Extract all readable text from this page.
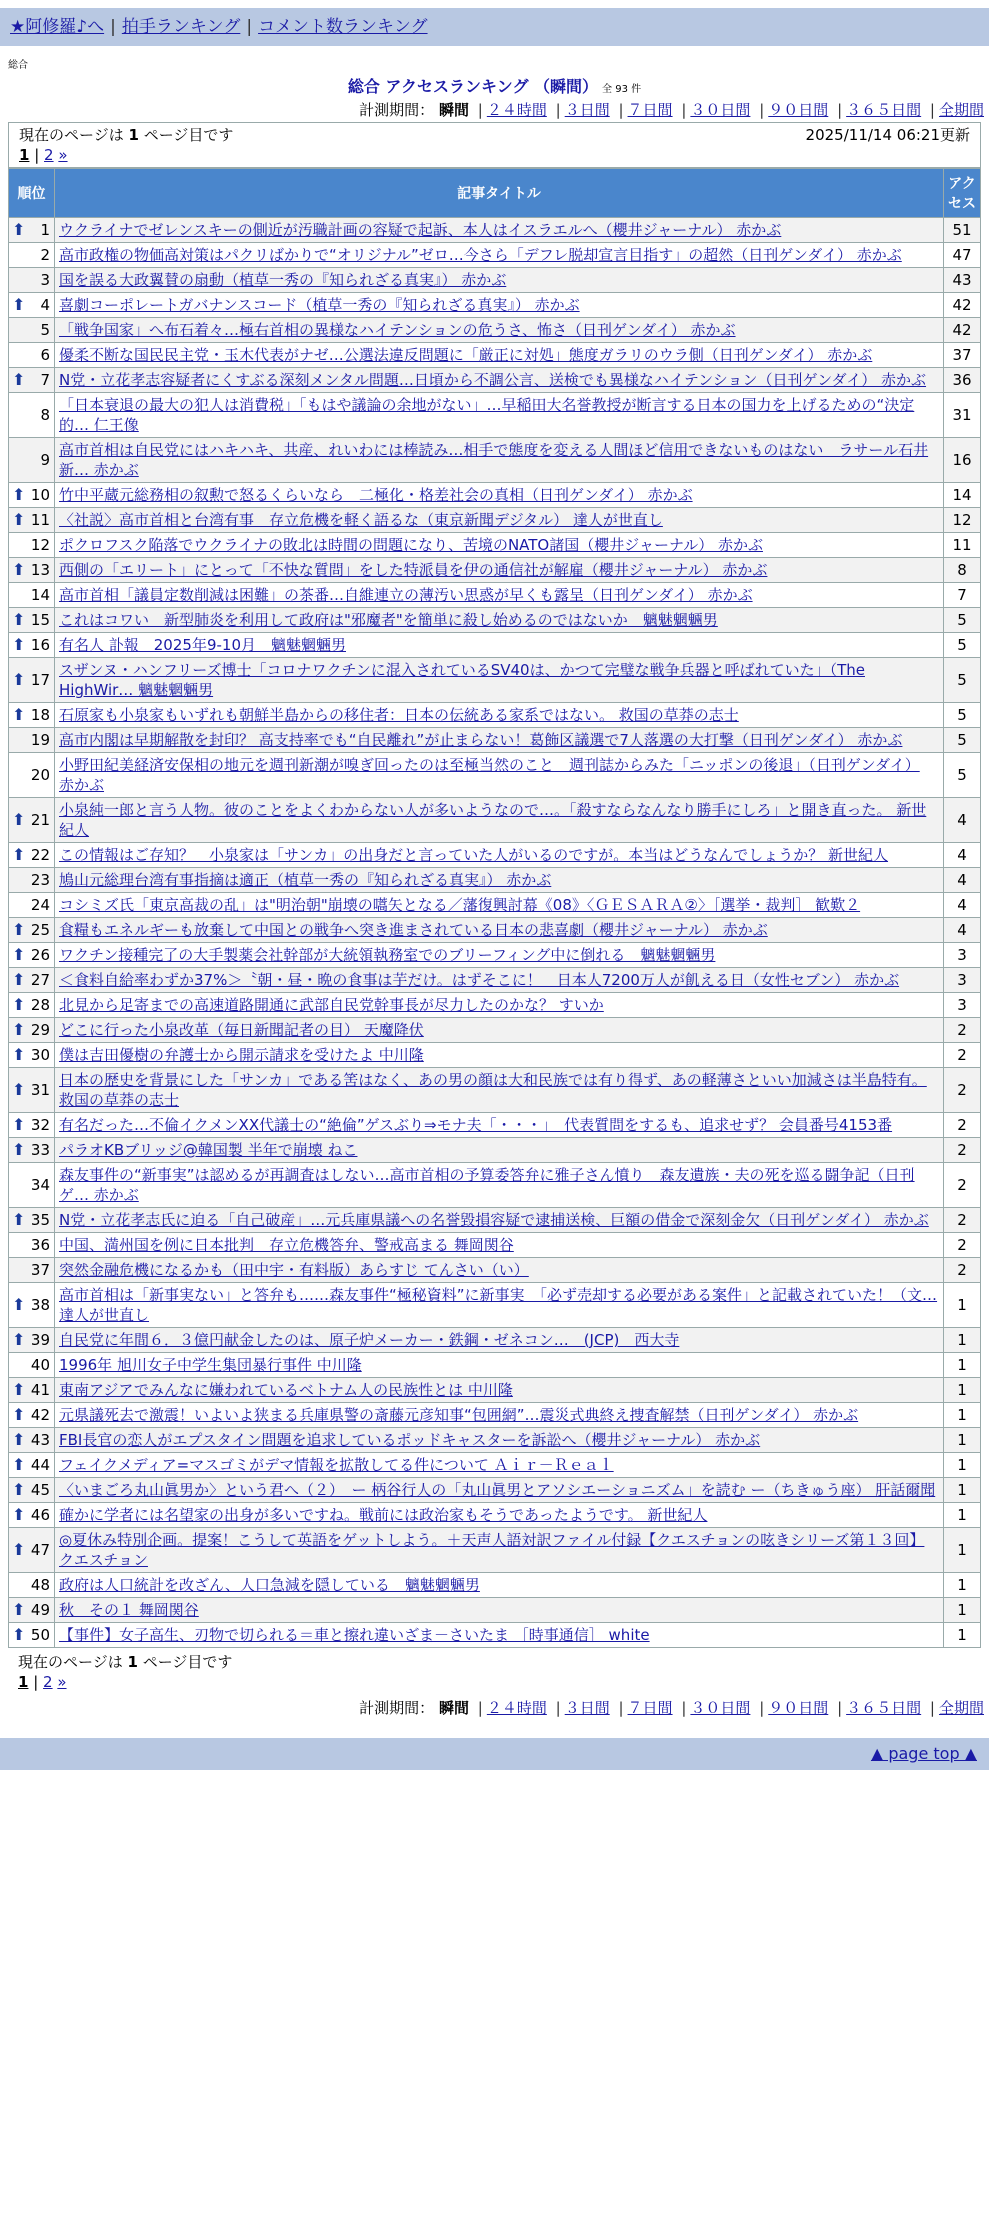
★阿修羅♪へ | 拍手ランキング | コメント数ランキング
総合
総合 アクセスランキング （瞬間） 全 93 件
計測期間： 瞬間 | ２４時間 | ３日間 | ７日間 | ３０日間 | ９０日間 | ３６５日間 | 全期間
現在のページは 1 ページ目です	2025/11/14 06:21更新
1 | 2 »
順位	記事タイトル	アクセス

⬆ 1	ウクライナでゼレンスキーの側近が汚職計画の容疑で起訴、本人はイスラエルへ（櫻井ジャーナル） 赤かぶ	51
2	高市政権の物価高対策はパクリばかりで“オリジナル”ゼロ…今さら「デフレ脱却宣言目指す」の超然（日刊ゲンダイ） 赤かぶ	47
3	国を誤る大政翼賛の扇動（植草一秀の『知られざる真実』） 赤かぶ	43

⬆ 4	喜劇コーポレートガバナンスコード（植草一秀の『知られざる真実』） 赤かぶ	42
5	「戦争国家」へ布石着々…極右首相の異様なハイテンションの危うさ、怖さ（日刊ゲンダイ） 赤かぶ	42
6	優柔不断な国民民主党・玉木代表がナゼ…公選法違反問題に「厳正に対処」態度ガラリのウラ側（日刊ゲンダイ） 赤かぶ	37

⬆ 7	N党・立花孝志容疑者にくすぶる深刻メンタル問題…日頃から不調公言、送検でも異様なハイテンション（日刊ゲンダイ） 赤かぶ	36
8	「日本衰退の最大の犯人は消費税」「もはや議論の余地がない」…早稲田大名誉教授が断言する日本の国力を上げるための“決定的… 仁王像	31
9	高市首相は自民党にはハキハキ、共産、れいわには棒読み…相手で態度を変える人間ほど信用できないものはない　ラサール石井 新… 赤かぶ	16

⬆ 10	竹中平蔵元総務相の叙勲で怒るくらいなら　二極化・格差社会の真相（日刊ゲンダイ） 赤かぶ	14

⬆ 11	〈社説〉高市首相と台湾有事　存立危機を軽く語るな（東京新聞デジタル） 達人が世直し	12
12	ポクロフスク陥落でウクライナの敗北は時間の問題になり、苦境のNATO諸国（櫻井ジャーナル） 赤かぶ	11

⬆ 13	西側の「エリート」にとって「不快な質問」をした特派員を伊の通信社が解雇（櫻井ジャーナル） 赤かぶ	8
14	高市首相「議員定数削減は困難」の茶番…自維連立の薄汚い思惑が早くも露呈（日刊ゲンダイ） 赤かぶ	7

⬆ 15	これはコワい　新型肺炎を利用して政府は"邪魔者"を簡単に殺し始めるのではないか　魑魅魍魎男	5

⬆ 16	有名人 訃報　2025年9-10月　魑魅魍魎男	5

⬆ 17	スザンヌ・ハンフリーズ博士「コロナワクチンに混入されているSV40は、かつて完璧な戦争兵器と呼ばれていた」（The HighWir… 魑魅魍魎男	5

⬆ 18	石原家も小泉家もいずれも朝鮮半島からの移住者：日本の伝統ある家系ではない。 救国の草莽の志士	5
19	高市内閣は早期解散を封印？ 高支持率でも“自民離れ”が止まらない！葛飾区議選で7人落選の大打撃（日刊ゲンダイ） 赤かぶ	5
20	小野田紀美経済安保相の地元を週刊新潮が嗅ぎ回ったのは至極当然のこと　週刊誌からみた「ニッポンの後退」（日刊ゲンダイ） 赤かぶ	5

⬆ 21	小泉純一郎と言う人物。彼のことをよくわからない人が多いようなので…。「殺すならなんなり勝手にしろ」と開き直った。 新世紀人	4

⬆ 22	この情報はご存知？　小泉家は「サンカ」の出身だと言っていた人がいるのですが。本当はどうなんでしょうか？ 新世紀人	4
23	鳩山元総理台湾有事指摘は適正（植草一秀の『知られざる真実』） 赤かぶ	4
24	コシミズ氏「東京高裁の乱」は"明治朝"崩壊の嚆矢となる／藩復興討幕《08》〈ＧＥＳＡＲＡ②〉［選挙・裁判］ 歓歎２	4

⬆ 25	食糧もエネルギーも放棄して中国との戦争へ突き進まされている日本の悲喜劇（櫻井ジャーナル） 赤かぶ	4

⬆ 26	ワクチン接種完了の大手製薬会社幹部が大統領執務室でのブリーフィング中に倒れる　魑魅魍魎男	3

⬆ 27	＜食料自給率わずか37%＞〝朝・昼・晩の食事は芋だけ。はずそこに！　日本人7200万人が飢える日（女性セブン） 赤かぶ	3

⬆ 28	北見から足寄までの高速道路開通に武部自民党幹事長が尽力したのかな？ すいか	3

⬆ 29	どこに行った小泉改革（毎日新聞記者の目） 天魔降伏	2

⬆ 30	僕は吉田優樹の弁護士から開示請求を受けたよ 中川隆	2

⬆ 31	日本の歴史を背景にした「サンカ」である筈はなく、あの男の顔は大和民族では有り得ず、あの軽薄さといい加減さは半島特有。 救国の草莽の志士	2

⬆ 32	有名だった…不倫イクメンXX代議士の“絶倫”ゲスぶり⇒モナ夫「・・・」　代表質問をするも、追求せず？ 会員番号4153番	2

⬆ 33	パラオKBブリッジ@韓国製 半年で崩壊 ねこ	2
34	森友事件の“新事実”は認めるが再調査はしない…高市首相の予算委答弁に雅子さん憤り　森友遺族・夫の死を巡る闘争記（日刊ゲ… 赤かぶ	2

⬆ 35	N党・立花孝志氏に迫る「自己破産」…元兵庫県議への名誉毀損容疑で逮捕送検、巨額の借金で深刻金欠（日刊ゲンダイ） 赤かぶ	2
36	中国、満州国を例に日本批判　存立危機答弁、警戒高まる 舞岡関谷	2
37	突然金融危機になるかも（田中宇・有料版）あらすじ てんさい（い）	2

⬆ 38	高市首相は「新事実ない」と答弁も……森友事件“極秘資料”に新事実　「必ず売却する必要がある案件」と記載されていた！（文… 達人が世直し	1

⬆ 39	自民党に年間６．３億円献金したのは、原子炉メーカー・鉄鋼・ゼネコン…　(JCP)　西大寺	1
40	1996年 旭川女子中学生集団暴行事件 中川隆	1

⬆ 41	東南アジアでみんなに嫌われているベトナム人の民族性とは 中川隆	1

⬆ 42	元県議死去で激震！いよいよ狭まる兵庫県警の斎藤元彦知事“包囲網”…震災式典終え捜査解禁（日刊ゲンダイ） 赤かぶ	1

⬆ 43	FBI長官の恋人がエプスタイン問題を追求しているポッドキャスターを訴訟へ（櫻井ジャーナル） 赤かぶ	1

⬆ 44	フェイクメディア=マスゴミがデマ情報を拡散してる件について Ａｉｒ－Ｒｅａｌ	1

⬆ 45	〈いまごろ丸山眞男か〉という君へ（２）　ー 柄谷行人の「丸山眞男とアソシエーショニズム」を読む ー（ちきゅう座） 肝話爾聞	1

⬆ 46	確かに学者には名望家の出身が多いですね。戦前には政治家もそうであったようです。 新世紀人	1

⬆ 47	◎夏休み特別企画。提案！こうして英語をゲットしよう。＋天声人語対訳ファイル付録【クエスチョンの呟きシリーズ第１３回】 クエスチョン	1
48	政府は人口統計を改ざん、人口急減を隠している　魑魅魍魎男	1

⬆ 49	秋　その１ 舞岡関谷	1

⬆ 50	【事件】女子高生、刃物で切られる＝車と擦れ違いざま－さいたま ［時事通信］ white	1
現在のページは 1 ページ目です
1 | 2 »
計測期間： 瞬間 | ２４時間 | ３日間 | ７日間 | ３０日間 | ９０日間 | ３６５日間 | 全期間
▲ page top ▲
